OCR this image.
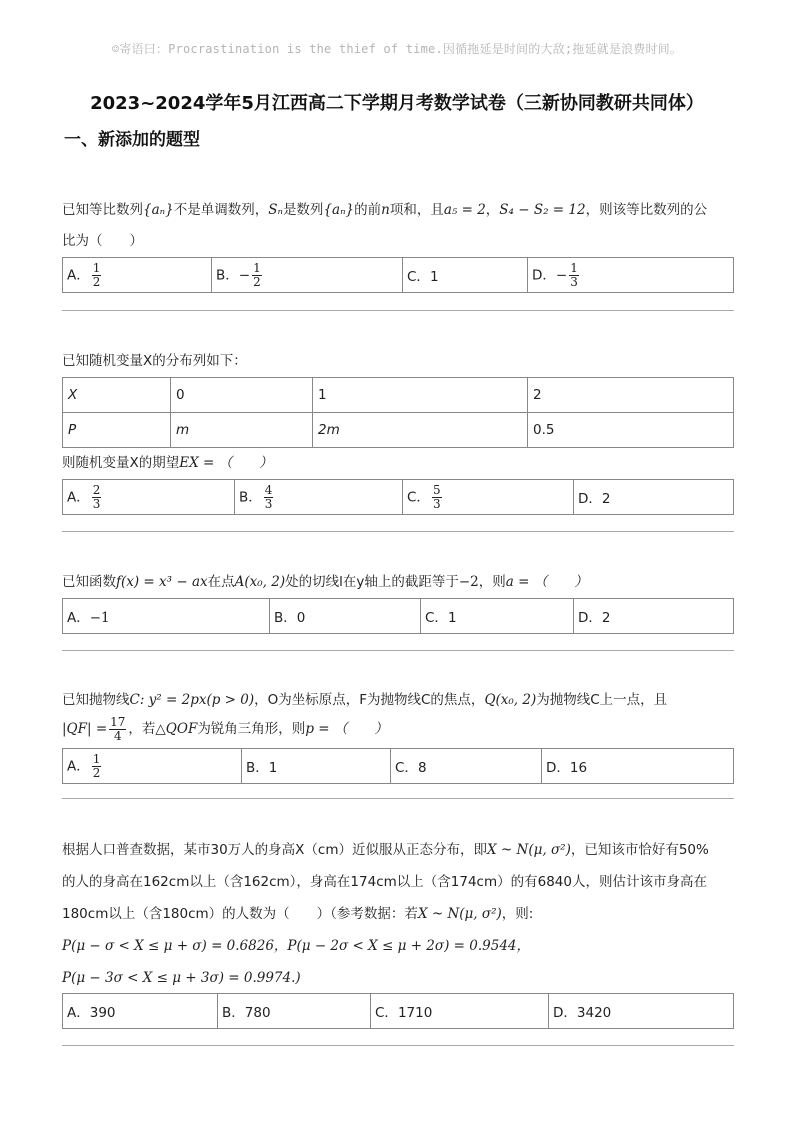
☺寄语曰：Procrastination is the thief of time.因循拖延是时间的大敌;拖延就是浪费时间。
2023~2024学年5月江西高二下学期月考数学试卷（三新协同教研共同体）
一、新添加的题型
已知等比数列{aₙ}不是单调数列，Sₙ是数列{aₙ}的前n项和，且a₅ = 2，S₄ − S₂ = 12，则该等比数列的公
比为（　　）
A． $\frac{1}{2}$	B．− $\frac{1}{2}$	C．1	D．− $\frac{1}{3}$
已知随机变量X的分布列如下：
X	0	1	2
P	m	2m	0.5
则随机变量X的期望EX = （　　）
A． $\frac{2}{3}$	B． $\frac{4}{3}$	C． $\frac{5}{3}$	D．2
已知函数f(x) = x³ − ax在点A(x₀, 2)处的切线l在y轴上的截距等于−2，则a = （　　）
A．−1	B．0	C．1	D．2
已知抛物线C: y² = 2px(p > 0)，O为坐标原点，F为抛物线C的焦点，Q(x₀, 2)为抛物线C上一点，且
$|QF| = \frac{17}{4}$ ，若△QOF为锐角三角形，则p = （　　）
A． $\frac{1}{2}$	B．1	C．8	D．16
根据人口普查数据，某市30万人的身高X（cm）近似服从正态分布，即X ~ N(μ, σ²)，已知该市恰好有50%
的人的身高在162cm以上（含162cm），身高在174cm以上（含174cm）的有6840人，则估计该市身高在
180cm以上（含180cm）的人数为（　　）（参考数据：若X ~ N(μ, σ²)，则:
P(μ − σ < X ≤ μ + σ) = 0.6826，P(μ − 2σ < X ≤ μ + 2σ) = 0.9544，
P(μ − 3σ < X ≤ μ + 3σ) = 0.9974.)
A．390	B．780	C．1710	D．3420
